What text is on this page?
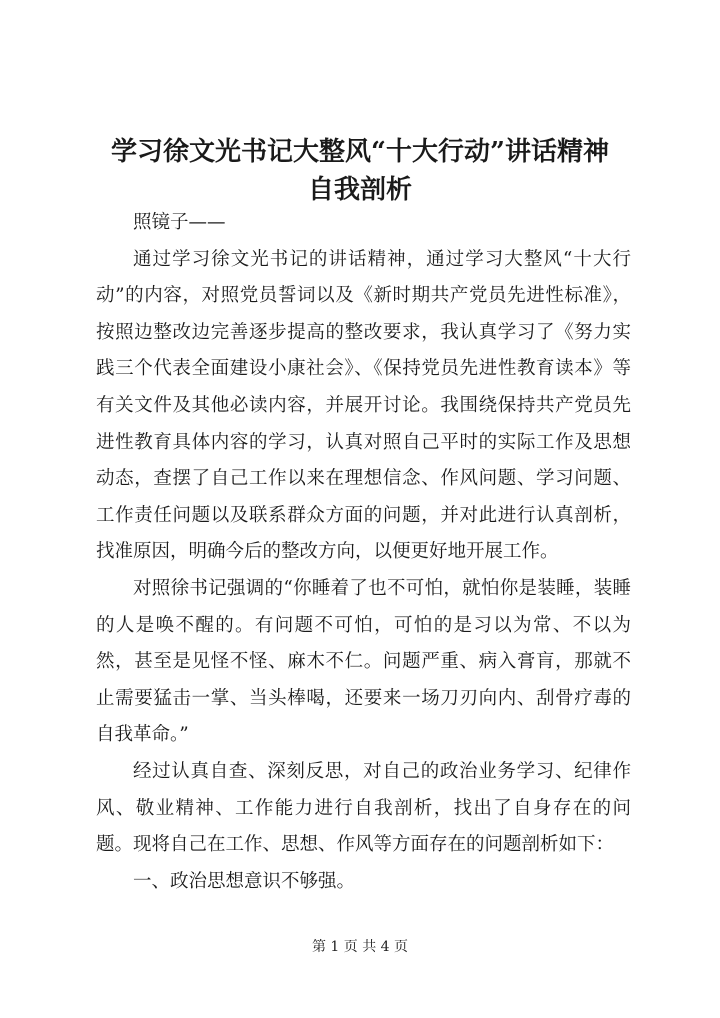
学习徐文光书记大整风“十大行动”讲话精神
自我剖析

照镜子——

通过学习徐文光书记的讲话精神，通过学习大整风“十大行动”的内容，对照党员誓词以及《新时期共产党员先进性标准》，按照边整改边完善逐步提高的整改要求，我认真学习了《努力实践三个代表全面建设小康社会》、《保持党员先进性教育读本》等有关文件及其他必读内容，并展开讨论。我围绕保持共产党员先进性教育具体内容的学习，认真对照自己平时的实际工作及思想动态，查摆了自己工作以来在理想信念、作风问题、学习问题、工作责任问题以及联系群众方面的问题，并对此进行认真剖析，找准原因，明确今后的整改方向，以便更好地开展工作。

对照徐书记强调的“你睡着了也不可怕，就怕你是装睡，装睡的人是唤不醒的。有问题不可怕，可怕的是习以为常、不以为然，甚至是见怪不怪、麻木不仁。问题严重、病入膏肓，那就不止需要猛击一掌、当头棒喝，还要来一场刀刃向内、刮骨疗毒的自我革命。”

经过认真自查、深刻反思，对自己的政治业务学习、纪律作风、敬业精神、工作能力进行自我剖析，找出了自身存在的问题。现将自己在工作、思想、作风等方面存在的问题剖析如下：

一、政治思想意识不够强。

第 1 页 共 4 页
